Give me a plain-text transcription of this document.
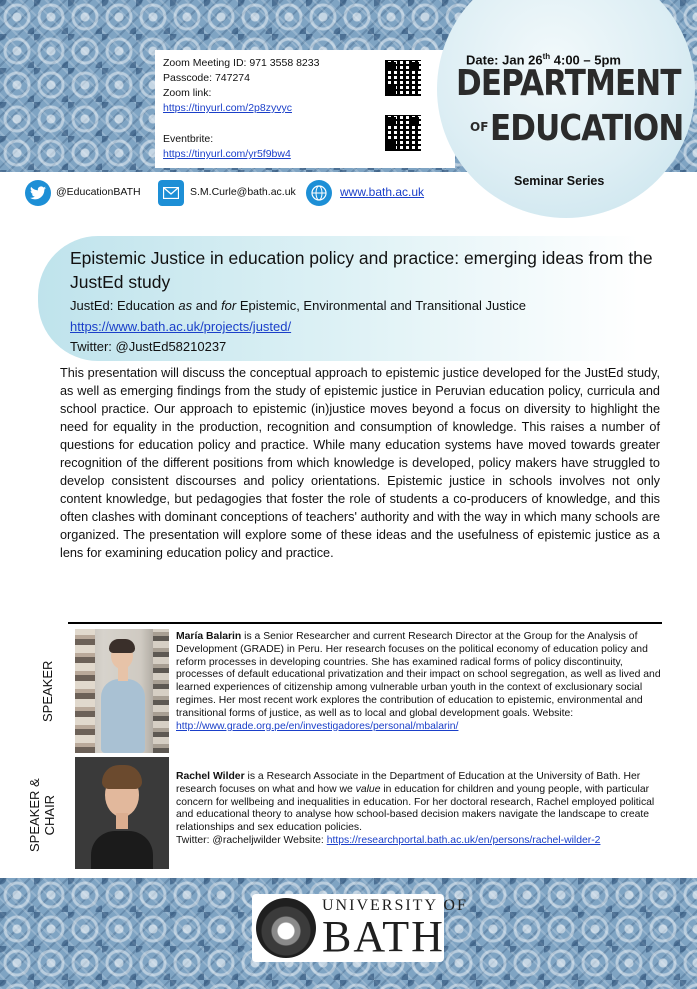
Zoom Meeting ID: 971 3558 8233
Passcode: 747274
Zoom link:
https://tinyurl.com/2p8zyvyc
Eventbrite:
https://tinyurl.com/yr5f9bw4
Date: Jan 26th 4:00 – 5pm
DEPARTMENT
OF EDUCATION
Seminar Series
@EducationBATH	S.M.Curle@bath.ac.uk	www.bath.ac.uk
Epistemic Justice in education policy and practice: emerging ideas from the JustEd study
JustEd: Education as and for Epistemic, Environmental and Transitional Justice
https://www.bath.ac.uk/projects/justed/
Twitter: @JustEd58210237
This presentation will discuss the conceptual approach to epistemic justice developed for the JustEd study, as well as emerging findings from the study of epistemic justice in Peruvian education policy, curricula and school practice. Our approach to epistemic (in)justice moves beyond a focus on diversity to highlight the need for equality in the production, recognition and consumption of knowledge. This raises a number of questions for education policy and practice. While many education systems have moved towards greater recognition of the different positions from which knowledge is developed, policy makers have struggled to develop consistent discourses and policy orientations. Epistemic justice in schools involves not only content knowledge, but pedagogies that foster the role of students a co-producers of knowledge, and this often clashes with dominant conceptions of teachers' authority and with the way in which many schools are organized. The presentation will explore some of these ideas and the usefulness of epistemic justice as a lens for examining education policy and practice.
SPEAKER
SPEAKER & CHAIR
María Balarin is a Senior Researcher and current Research Director at the Group for the Analysis of Development (GRADE) in Peru. Her research focuses on the political economy of education policy and reform processes in developing countries. She has examined radical forms of policy discontinuity, processes of default educational privatization and their impact on school segregation, as well as lived and learned experiences of citizenship among vulnerable urban youth in the context of exclusionary social regimes. Her most recent work explores the contribution of education to epistemic, environmental and transitional forms of justice, as well as to local and global development goals. Website:
http://www.grade.org.pe/en/investigadores/personal/mbalarin/
Rachel Wilder is a Research Associate in the Department of Education at the University of Bath. Her research focuses on what and how we value in education for children and young people, with particular concern for wellbeing and inequalities in education. For her doctoral research, Rachel employed political and educational theory to analyse how school-based decision makers navigate the landscape to create relationships and sex education policies.
Twitter: @racheljwilder Website: https://researchportal.bath.ac.uk/en/persons/rachel-wilder-2
UNIVERSITY OF
BATH
